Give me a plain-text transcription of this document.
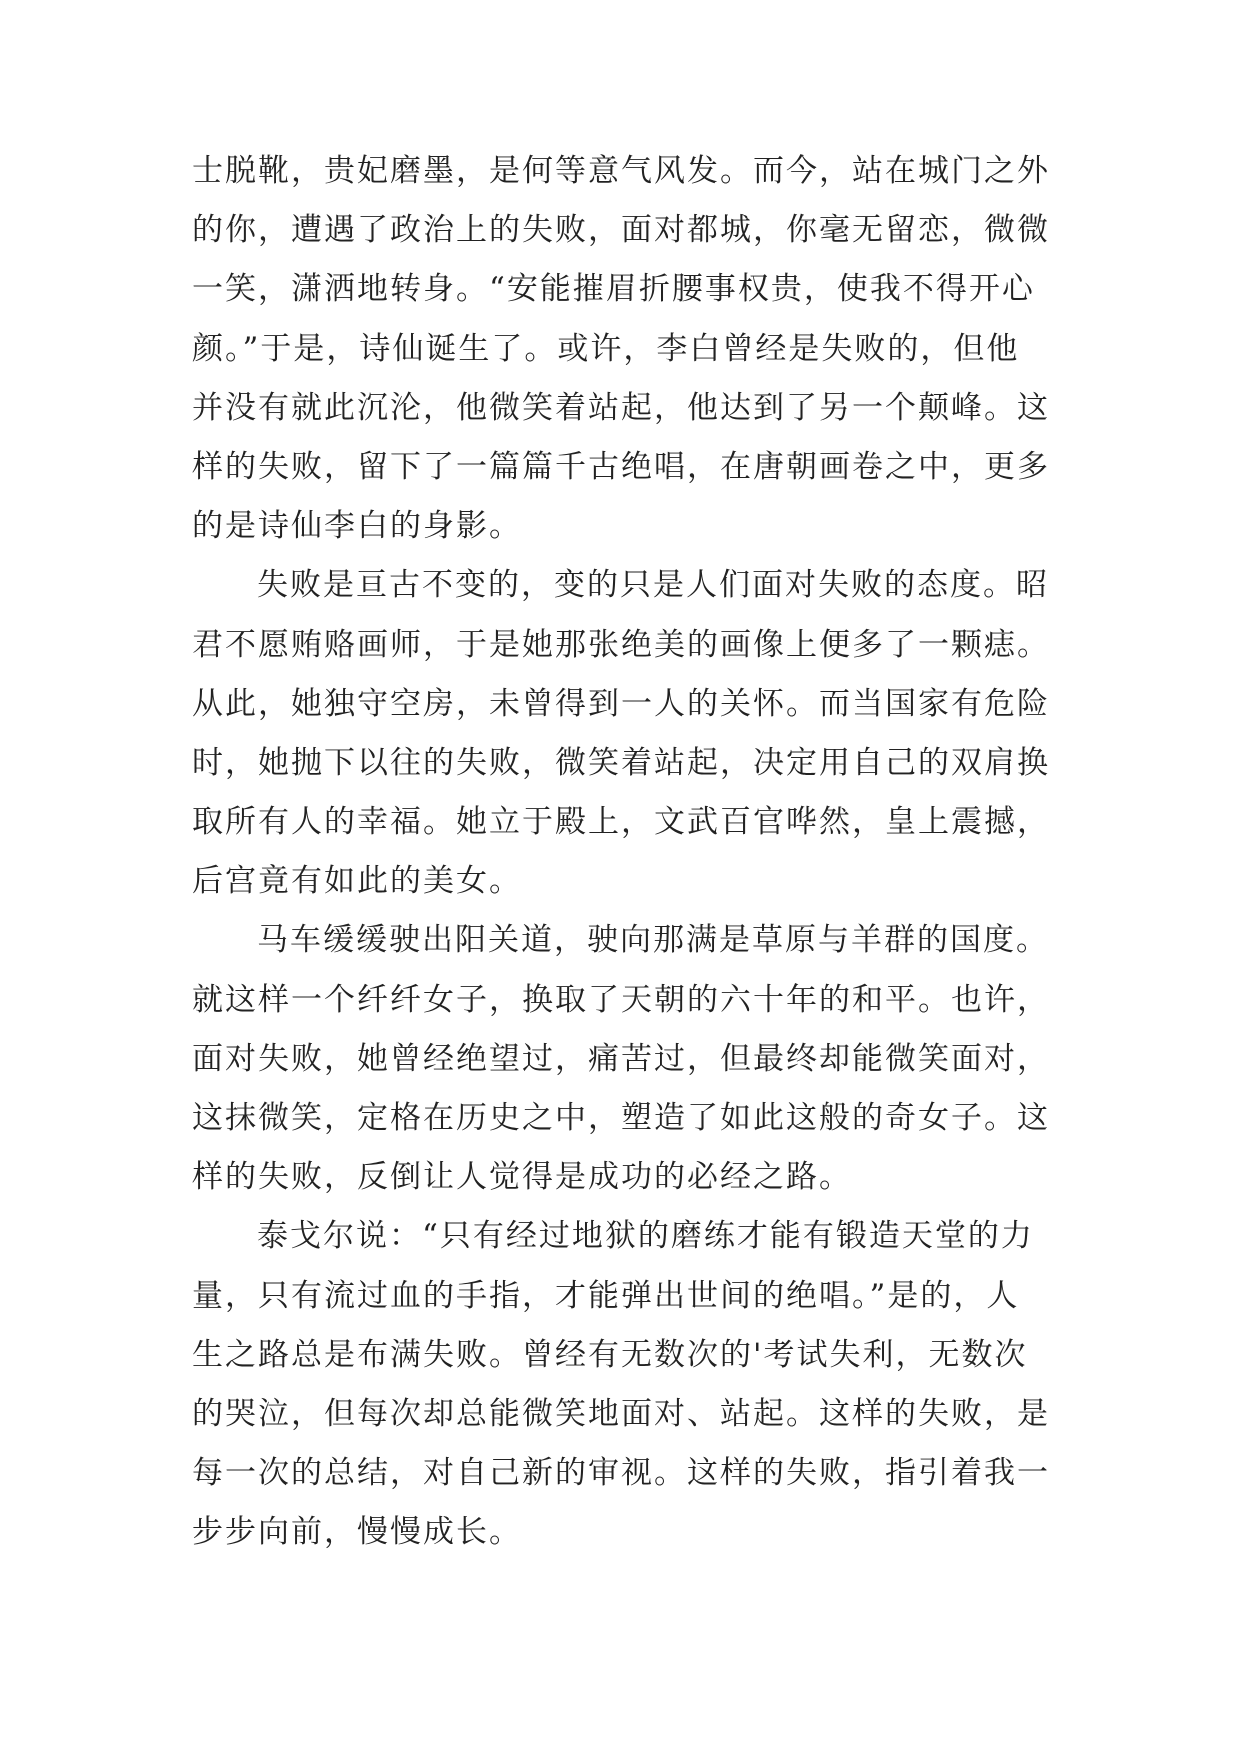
士脱靴，贵妃磨墨，是何等意气风发。而今，站在城门之外
的你，遭遇了政治上的失败，面对都城，你毫无留恋，微微
一笑，潇洒地转身。“安能摧眉折腰事权贵，使我不得开心
颜。”于是，诗仙诞生了。或许，李白曾经是失败的，但他
并没有就此沉沦，他微笑着站起，他达到了另一个颠峰。这
样的失败，留下了一篇篇千古绝唱，在唐朝画卷之中，更多
的是诗仙李白的身影。
失败是亘古不变的，变的只是人们面对失败的态度。昭
君不愿贿赂画师，于是她那张绝美的画像上便多了一颗痣。
从此，她独守空房，未曾得到一人的关怀。而当国家有危险
时，她抛下以往的失败，微笑着站起，决定用自己的双肩换
取所有人的幸福。她立于殿上，文武百官哗然，皇上震撼，
后宫竟有如此的美女。
马车缓缓驶出阳关道，驶向那满是草原与羊群的国度。
就这样一个纤纤女子，换取了天朝的六十年的和平。也许，
面对失败，她曾经绝望过，痛苦过，但最终却能微笑面对，
这抹微笑，定格在历史之中，塑造了如此这般的奇女子。这
样的失败，反倒让人觉得是成功的必经之路。
泰戈尔说：“只有经过地狱的磨练才能有锻造天堂的力
量，只有流过血的手指，才能弹出世间的绝唱。”是的，人
生之路总是布满失败。曾经有无数次的'考试失利，无数次
的哭泣，但每次却总能微笑地面对、站起。这样的失败，是
每一次的总结，对自己新的审视。这样的失败，指引着我一
步步向前，慢慢成长。
